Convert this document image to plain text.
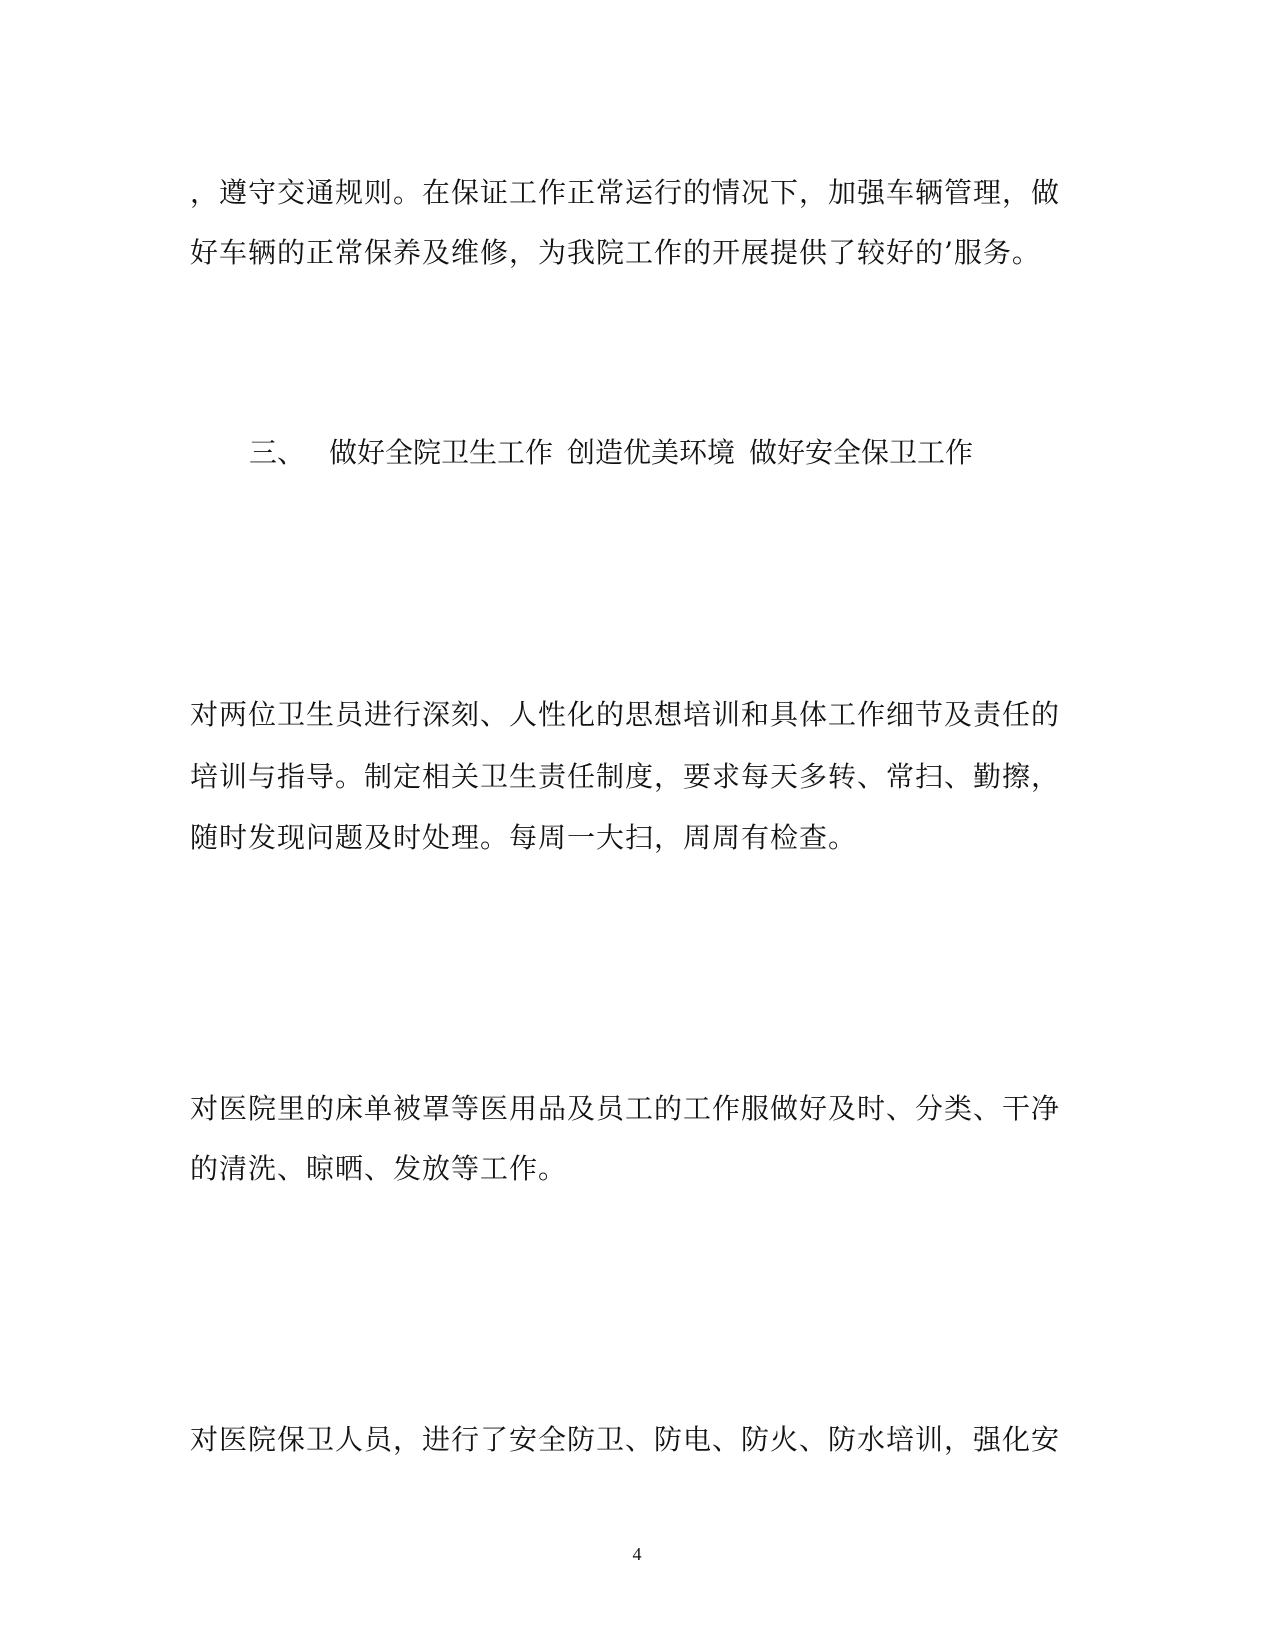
，遵守交通规则。在保证工作正常运行的情况下，加强车辆管理，做
好车辆的正常保养及维修，为我院工作的开展提供了较好的’服务。
三、 做好全院卫生工作 创造优美环境 做好安全保卫工作
对两位卫生员进行深刻、人性化的思想培训和具体工作细节及责任的
培训与指导。制定相关卫生责任制度，要求每天多转、常扫、勤擦，
随时发现问题及时处理。每周一大扫，周周有检查。
对医院里的床单被罩等医用品及员工的工作服做好及时、分类、干净
的清洗、晾晒、发放等工作。
对医院保卫人员，进行了安全防卫、防电、防火、防水培训，强化安
4
